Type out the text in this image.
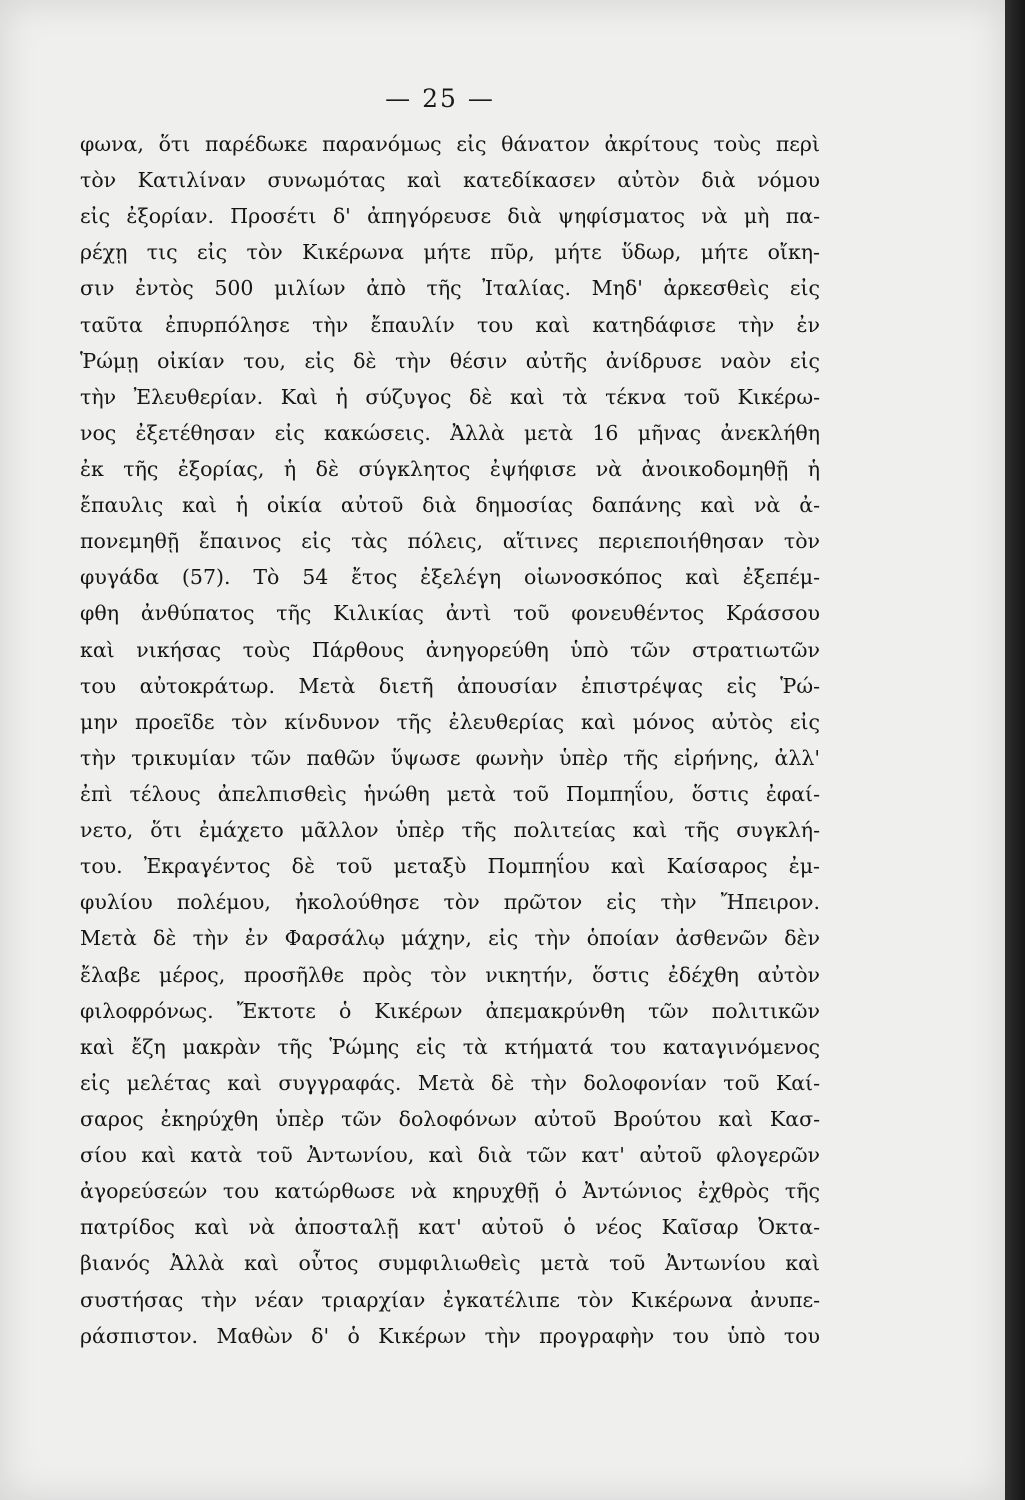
— 25 —
φωνα, ὅτι παρέδωκε παρανόμως εἰς θάνατον ἀκρίτους τοὺς περὶ
τὸν Κατιλίναν συνωμότας καὶ κατεδίκασεν αὐτὸν διὰ νόμου
εἰς ἐξορίαν. Προσέτι δ' ἀπηγόρευσε διὰ ψηφίσματος νὰ μὴ πα-
ρέχῃ τις εἰς τὸν Κικέρωνα μήτε πῦρ, μήτε ὕδωρ, μήτε οἴκη-
σιν ἐντὸς 500 μιλίων ἀπὸ τῆς Ἰταλίας. Μηδ' ἀρκεσθεὶς εἰς
ταῦτα ἐπυρπόλησε τὴν ἔπαυλίν του καὶ κατηδάφισε τὴν ἐν
Ῥώμῃ οἰκίαν του, εἰς δὲ τὴν θέσιν αὐτῆς ἀνίδρυσε ναὸν εἰς
τὴν Ἐλευθερίαν. Καὶ ἡ σύζυγος δὲ καὶ τὰ τέκνα τοῦ Κικέρω-
νος ἐξετέθησαν εἰς κακώσεις. Ἀλλὰ μετὰ 16 μῆνας ἀνεκλήθη
ἐκ τῆς ἐξορίας, ἡ δὲ σύγκλητος ἐψήφισε νὰ ἀνοικοδομηθῇ ἡ
ἔπαυλις καὶ ἡ οἰκία αὐτοῦ διὰ δημοσίας δαπάνης καὶ νὰ ἀ-
πονεμηθῇ ἔπαινος εἰς τὰς πόλεις, αἵτινες περιεποιήθησαν τὸν
φυγάδα (57). Τὸ 54 ἔτος ἐξελέγη οἰωνοσκόπος καὶ ἐξεπέμ-
φθη ἀνθύπατος τῆς Κιλικίας ἀντὶ τοῦ φονευθέντος Κράσσου
καὶ νικήσας τοὺς Πάρθους ἀνηγορεύθη ὑπὸ τῶν στρατιωτῶν
του αὐτοκράτωρ. Μετὰ διετῆ ἀπουσίαν ἐπιστρέψας εἰς Ῥώ-
μην προεῖδε τὸν κίνδυνον τῆς ἐλευθερίας καὶ μόνος αὐτὸς εἰς
τὴν τρικυμίαν τῶν παθῶν ὕψωσε φωνὴν ὑπὲρ τῆς εἰρήνης, ἀλλ'
ἐπὶ τέλους ἀπελπισθεὶς ἡνώθη μετὰ τοῦ Πομπηΐου, ὅστις ἐφαί-
νετο, ὅτι ἐμάχετο μᾶλλον ὑπὲρ τῆς πολιτείας καὶ τῆς συγκλή-
του. Ἐκραγέντος δὲ τοῦ μεταξὺ Πομπηΐου καὶ Καίσαρος ἐμ-
φυλίου πολέμου, ἠκολούθησε τὸν πρῶτον εἰς τὴν Ἤπειρον.
Μετὰ δὲ τὴν ἐν Φαρσάλῳ μάχην, εἰς τὴν ὁποίαν ἀσθενῶν δὲν
ἔλαβε μέρος, προσῆλθε πρὸς τὸν νικητήν, ὅστις ἐδέχθη αὐτὸν
φιλοφρόνως. Ἔκτοτε ὁ Κικέρων ἀπεμακρύνθη τῶν πολιτικῶν
καὶ ἔζη μακρὰν τῆς Ῥώμης εἰς τὰ κτήματά του καταγινόμενος
εἰς μελέτας καὶ συγγραφάς. Μετὰ δὲ τὴν δολοφονίαν τοῦ Καί-
σαρος ἐκηρύχθη ὑπὲρ τῶν δολοφόνων αὐτοῦ Βρούτου καὶ Κασ-
σίου καὶ κατὰ τοῦ Ἀντωνίου, καὶ διὰ τῶν κατ' αὐτοῦ φλογερῶν
ἀγορεύσεών του κατώρθωσε νὰ κηρυχθῇ ὁ Ἀντώνιος ἐχθρὸς τῆς
πατρίδος καὶ νὰ ἀποσταλῇ κατ' αὐτοῦ ὁ νέος Καῖσαρ Ὀκτα-
βιανός Ἀλλὰ καὶ οὗτος συμφιλιωθεὶς μετὰ τοῦ Ἀντωνίου καὶ
συστήσας τὴν νέαν τριαρχίαν ἐγκατέλιπε τὸν Κικέρωνα ἀνυπε-
ράσπιστον. Μαθὼν δ' ὁ Κικέρων τὴν προγραφὴν του ὑπὸ του
